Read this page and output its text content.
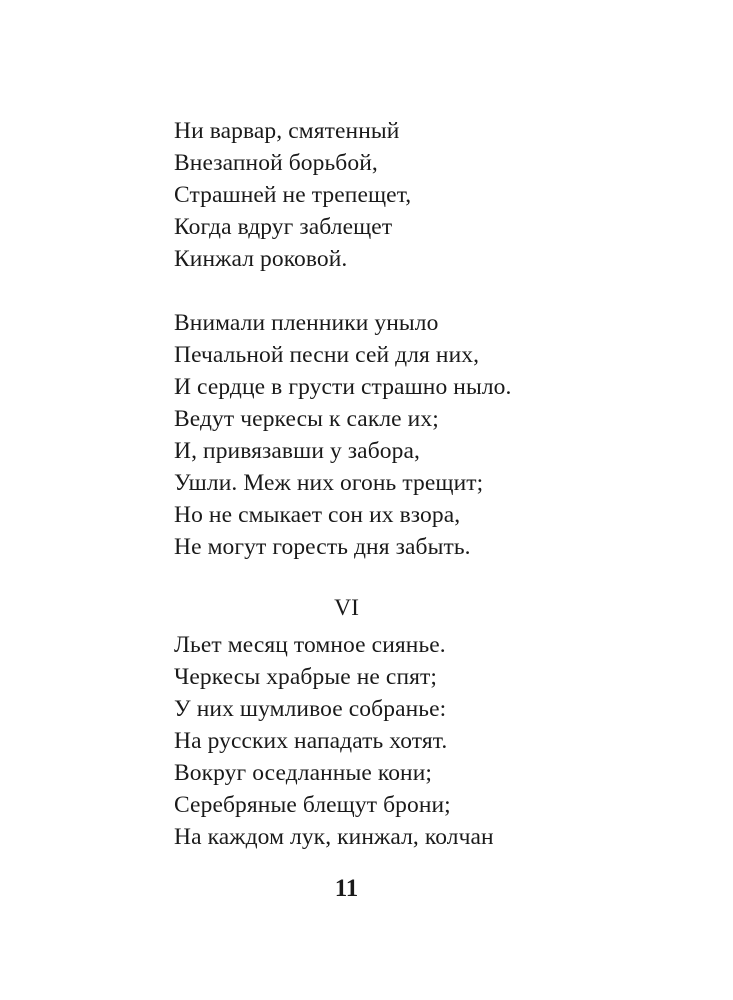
Ни варвар, смятенный
Внезапной борьбой,
Страшней не трепещет,
Когда вдруг заблещет
Кинжал роковой.
Внимали пленники уныло
Печальной песни сей для них,
И сердце в грусти страшно ныло.
Ведут черкесы к сакле их;
И, привязавши у забора,
Ушли. Меж них огонь трещит;
Но не смыкает сон их взора,
Не могут горесть дня забыть.
VI
Льет месяц томное сиянье.
Черкесы храбрые не спят;
У них шумливое собранье:
На русских нападать хотят.
Вокруг оседланные кони;
Серебряные блещут брони;
На каждом лук, кинжал, колчан
11
